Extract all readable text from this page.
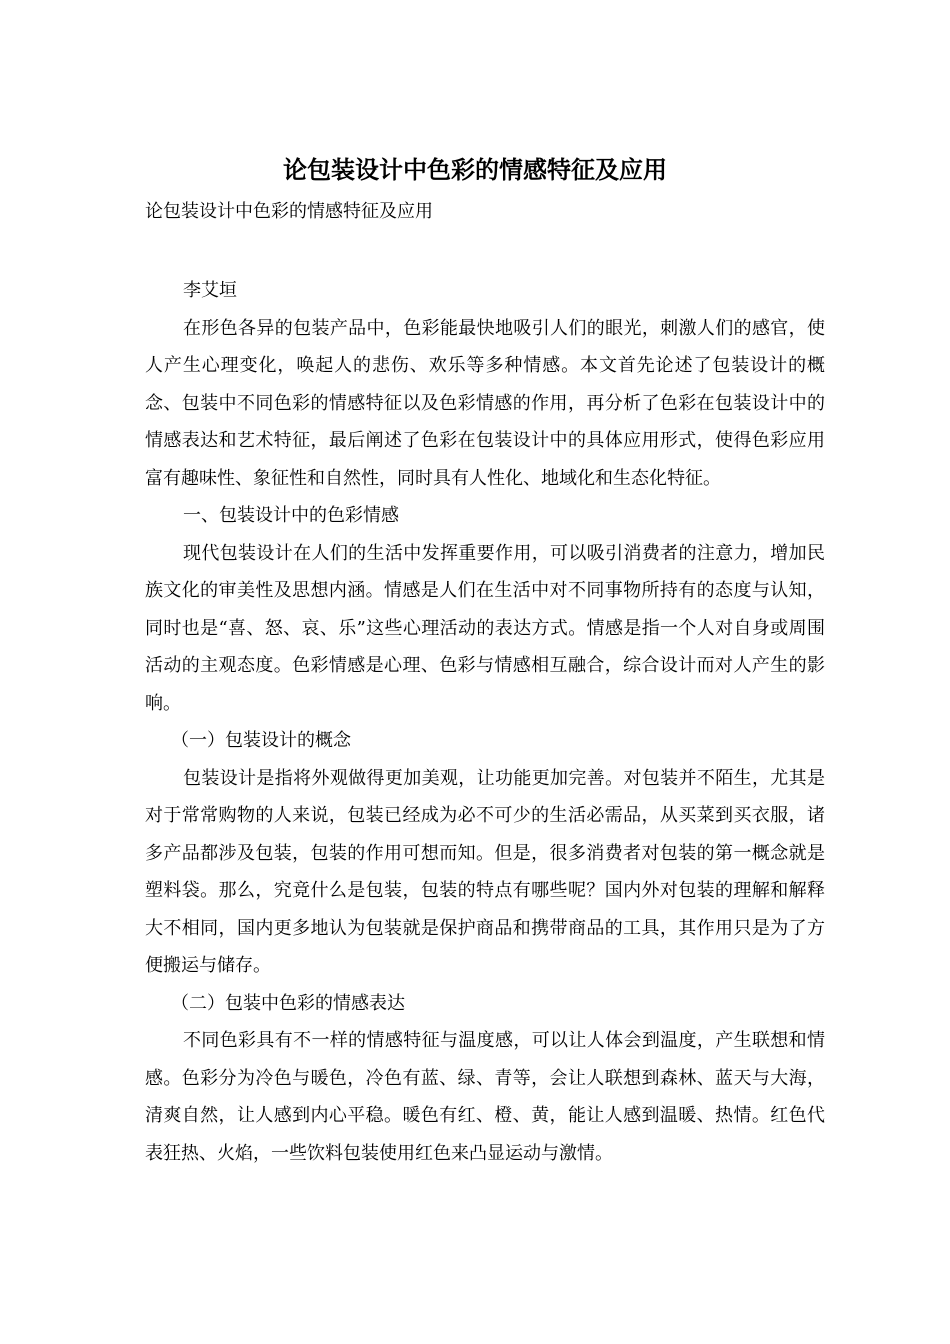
论包装设计中色彩的情感特征及应用

论包装设计中色彩的情感特征及应用

李艾垣

在形色各异的包装产品中，色彩能最快地吸引人们的眼光，刺激人们的感官，使人产生心理变化，唤起人的悲伤、欢乐等多种情感。本文首先论述了包装设计的概念、包装中不同色彩的情感特征以及色彩情感的作用，再分析了色彩在包装设计中的情感表达和艺术特征，最后阐述了色彩在包装设计中的具体应用形式，使得色彩应用富有趣味性、象征性和自然性，同时具有人性化、地域化和生态化特征。

一、包装设计中的色彩情感

现代包装设计在人们的生活中发挥重要作用，可以吸引消费者的注意力，增加民族文化的审美性及思想内涵。情感是人们在生活中对不同事物所持有的态度与认知，同时也是“喜、怒、哀、乐”这些心理活动的表达方式。情感是指一个人对自身或周围活动的主观态度。色彩情感是心理、色彩与情感相互融合，综合设计而对人产生的影响。

（一）包装设计的概念

包装设计是指将外观做得更加美观，让功能更加完善。对包装并不陌生，尤其是对于常常购物的人来说，包装已经成为必不可少的生活必需品，从买菜到买衣服，诸多产品都涉及包装，包装的作用可想而知。但是，很多消费者对包装的第一概念就是塑料袋。那么，究竟什么是包装，包装的特点有哪些呢？国内外对包装的理解和解释大不相同，国内更多地认为包装就是保护商品和携带商品的工具，其作用只是为了方便搬运与储存。

（二）包装中色彩的情感表达

不同色彩具有不一样的情感特征与温度感，可以让人体会到温度，产生联想和情感。色彩分为冷色与暖色，冷色有蓝、绿、青等，会让人联想到森林、蓝天与大海，清爽自然，让人感到内心平稳。暖色有红、橙、黄，能让人感到温暖、热情。红色代表狂热、火焰，一些饮料包装使用红色来凸显运动与激情。
